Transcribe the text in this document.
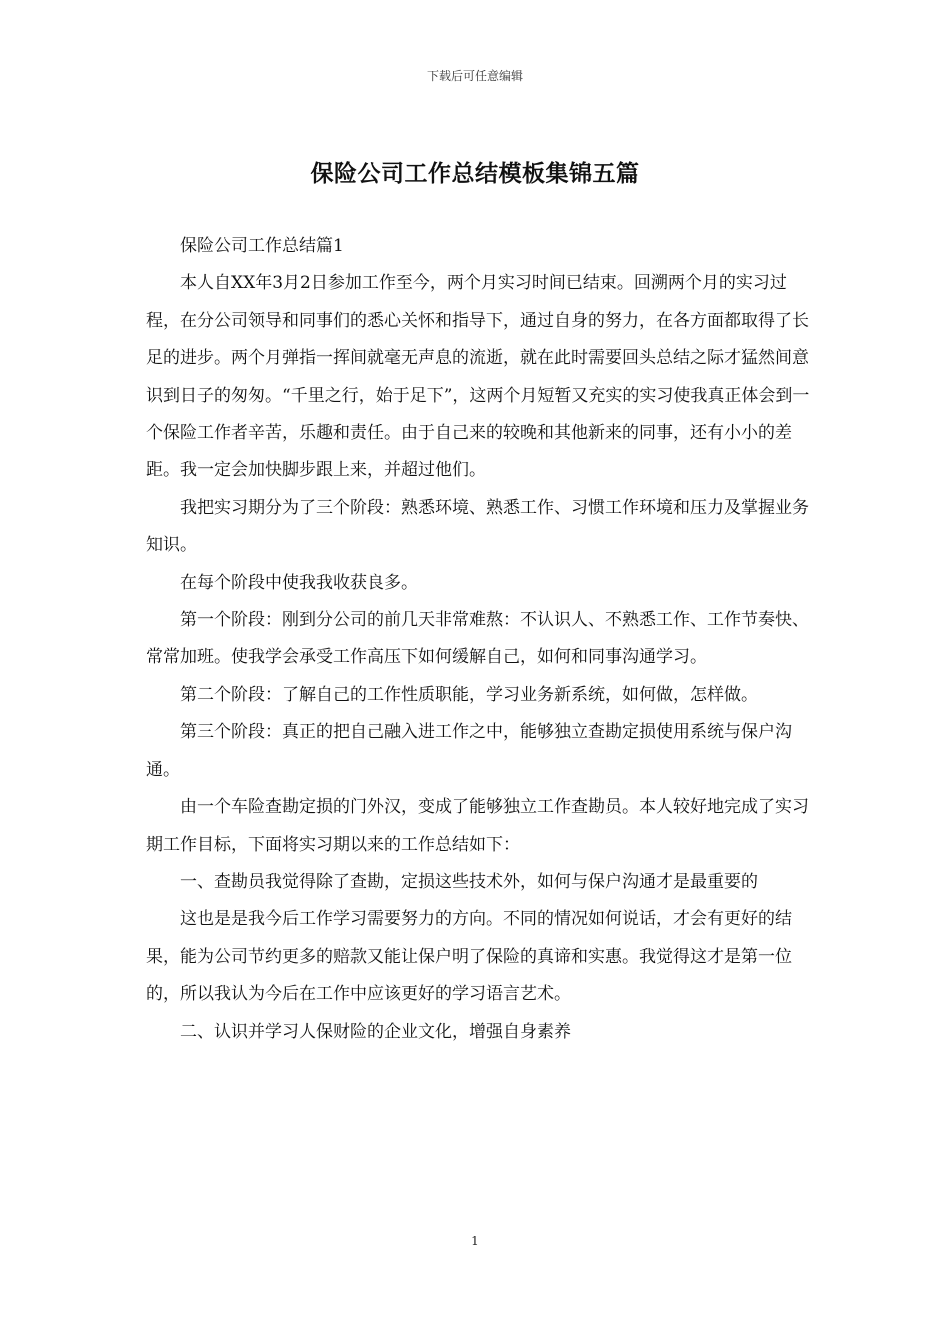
下载后可任意编辑
保险公司工作总结模板集锦五篇

保险公司工作总结篇1

本人自XX年3月2日参加工作至今，两个月实习时间已结束。回溯两个月的实习过程，在分公司领导和同事们的悉心关怀和指导下，通过自身的努力，在各方面都取得了长足的进步。两个月弹指一挥间就毫无声息的流逝，就在此时需要回头总结之际才猛然间意识到日子的匆匆。“千里之行，始于足下”，这两个月短暂又充实的实习使我真正体会到一个保险工作者辛苦，乐趣和责任。由于自己来的较晚和其他新来的同事，还有小小的差距。我一定会加快脚步跟上来，并超过他们。

我把实习期分为了三个阶段：熟悉环境、熟悉工作、习惯工作环境和压力及掌握业务知识。

在每个阶段中使我我收获良多。

第一个阶段：刚到分公司的前几天非常难熬：不认识人、不熟悉工作、工作节奏快、常常加班。使我学会承受工作高压下如何缓解自己，如何和同事沟通学习。

第二个阶段：了解自己的工作性质职能，学习业务新系统，如何做，怎样做。

第三个阶段：真正的把自己融入进工作之中，能够独立查勘定损使用系统与保户沟通。

由一个车险查勘定损的门外汉，变成了能够独立工作查勘员。本人较好地完成了实习期工作目标，下面将实习期以来的工作总结如下：

一、查勘员我觉得除了查勘，定损这些技术外，如何与保户沟通才是最重要的

这也是是我今后工作学习需要努力的方向。不同的情况如何说话，才会有更好的结果，能为公司节约更多的赔款又能让保户明了保险的真谛和实惠。我觉得这才是第一位的，所以我认为今后在工作中应该更好的学习语言艺术。

二、认识并学习人保财险的企业文化，增强自身素养

1
